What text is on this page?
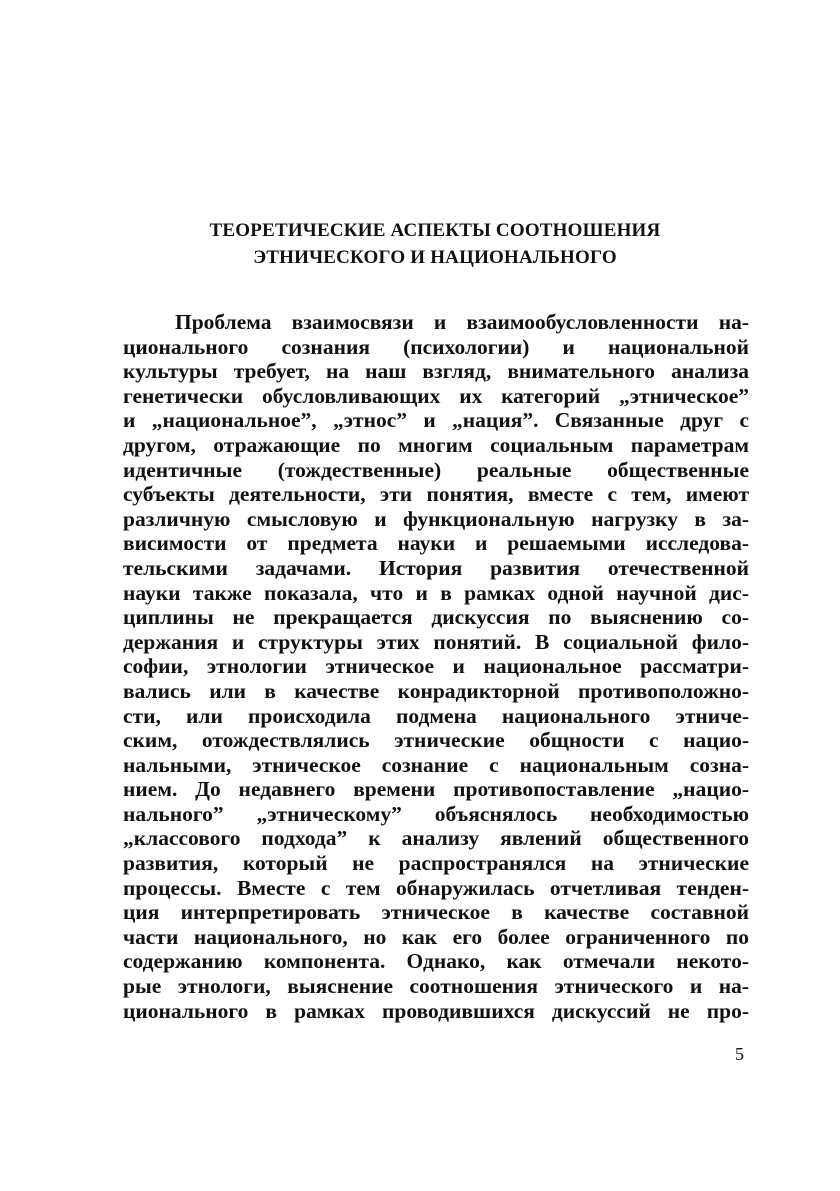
ТЕОРЕТИЧЕСКИЕ АСПЕКТЫ СООТНОШЕНИЯ
ЭТНИЧЕСКОГО И НАЦИОНАЛЬНОГО
Проблема взаимосвязи и взаимообусловленности на-
ционального сознания (психологии) и национальной
культуры требует, на наш взгляд, внимательного анализа
генетически обусловливающих их категорий „этническое”
и „национальное”, „этнос” и „нация”. Связанные друг с
другом, отражающие по многим социальным параметрам
идентичные (тождественные) реальные общественные
субъекты деятельности, эти понятия, вместе с тем, имеют
различную смысловую и функциональную нагрузку в за-
висимости от предмета науки и решаемыми исследова-
тельскими задачами. История развития отечественной
науки также показала, что и в рамках одной научной дис-
циплины не прекращается дискуссия по выяснению со-
держания и структуры этих понятий. В социальной фило-
софии, этнологии этническое и национальное рассматри-
вались или в качестве конрадикторной противоположно-
сти, или происходила подмена национального этниче-
ским, отождествлялись этнические общности с нацио-
нальными, этническое сознание с национальным созна-
нием. До недавнего времени противопоставление „нацио-
нального” „этническому” объяснялось необходимостью
„классового подхода” к анализу явлений общественного
развития, который не распространялся на этнические
процессы. Вместе с тем обнаружилась отчетливая тенден-
ция интерпретировать этническое в качестве составной
части национального, но как его более ограниченного по
содержанию компонента. Однако, как отмечали некото-
рые этнологи, выяснение соотношения этнического и на-
ционального в рамках проводившихся дискуссий не про-
5
